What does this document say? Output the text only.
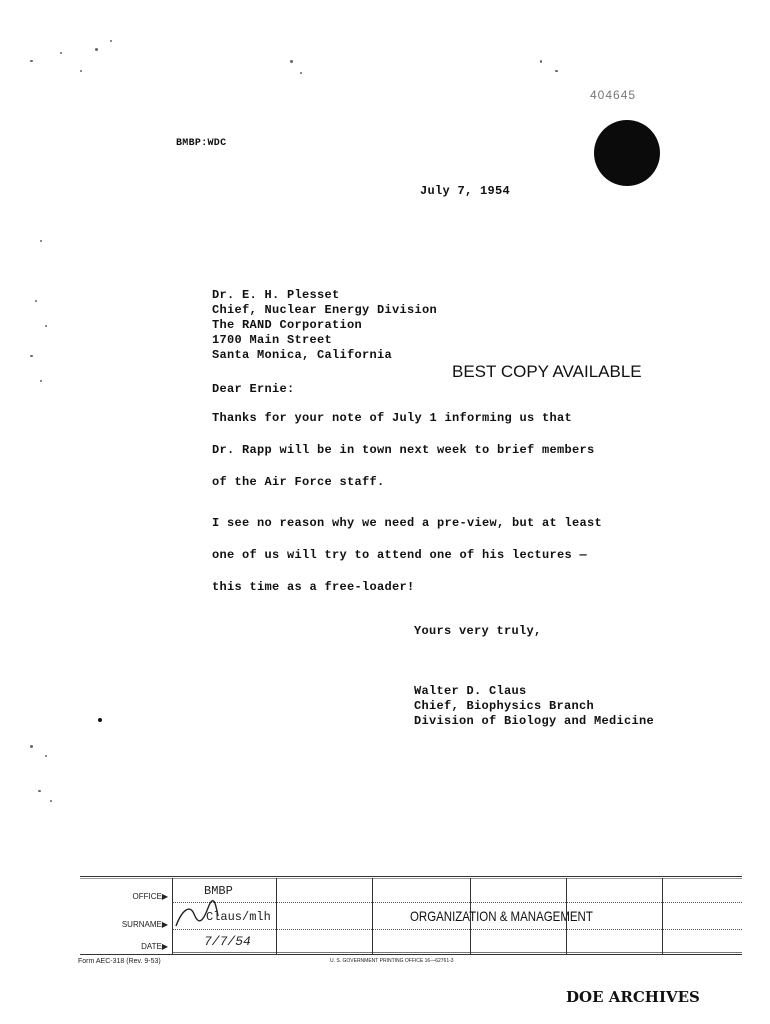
404645
BMBP:WDC
July 7, 1954
Dr. E. H. Plesset
Chief, Nuclear Energy Division
The RAND Corporation
1700 Main Street
Santa Monica, California
BEST COPY AVAILABLE
Dear Ernie:
Thanks for your note of July 1 informing us that
Dr. Rapp will be in town next week to brief members
of the Air Force staff.
I see no reason why we need a pre-view, but at least
one of us will try to attend one of his lectures —
this time as a free-loader!
Yours very truly,
Walter D. Claus
Chief, Biophysics Branch
Division of Biology and Medicine
OFFICE▶
SURNAME▶
DATE▶
BMBP
Claus/mlh
7/7/54
ORGANIZATION & MANAGEMENT
Form AEC-318 (Rev. 9-53)	U. S. GOVERNMENT PRINTING OFFICE 16—62761-3
DOE ARCHIVES
